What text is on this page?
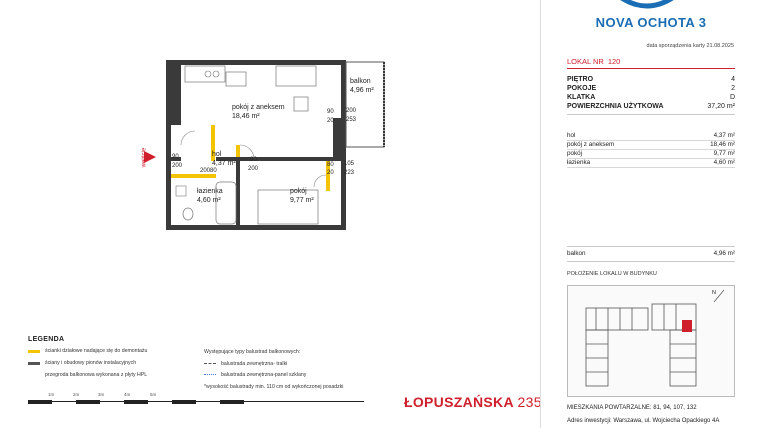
pokój z aneksem
18,46 m²
balkon
4,96 m²
hol
4,37 m²
łazienka
4,60 m²
pokój
9,77 m²
200
253
90
200
80
200
105
223
80
200
80
20
90
20
wejście
LEGENDA
ścianki działowe nadające się do demontażu
ściany i obudowy pionów instalacyjnych
przegroda balkonowa wykonana z płyty HPL
Występujące typy balustrad balkonowych:
balustrada zewnętrzna- tralki
balustrada zewnętrzna-panel szklany
*wysokość balustrady min. 110 cm od wykończonej posadzki
1m	2m	3m	4m	5m	ŁOPUSZAŃSKA 235
NOVA OCHOTA 3
data sporządzenia karty 21.08.2025
LOKAL NR 120
PIĘTRO	4
POKOJE	2
KLATKA	D
POWIERZCHNIA UŻYTKOWA	37,20 m²
hol	4,37 m²
pokój z aneksem	18,46 m²
pokój	9,77 m²
łazienka	4,60 m²
balkon	4,96 m²
POŁOŻENIE LOKALU W BUDYNKU
N
MIESZKANIA POWTARZALNE: 81, 94, 107, 132
Adres inwestycji: Warszawa, ul. Wojciecha Opackiego 4A
